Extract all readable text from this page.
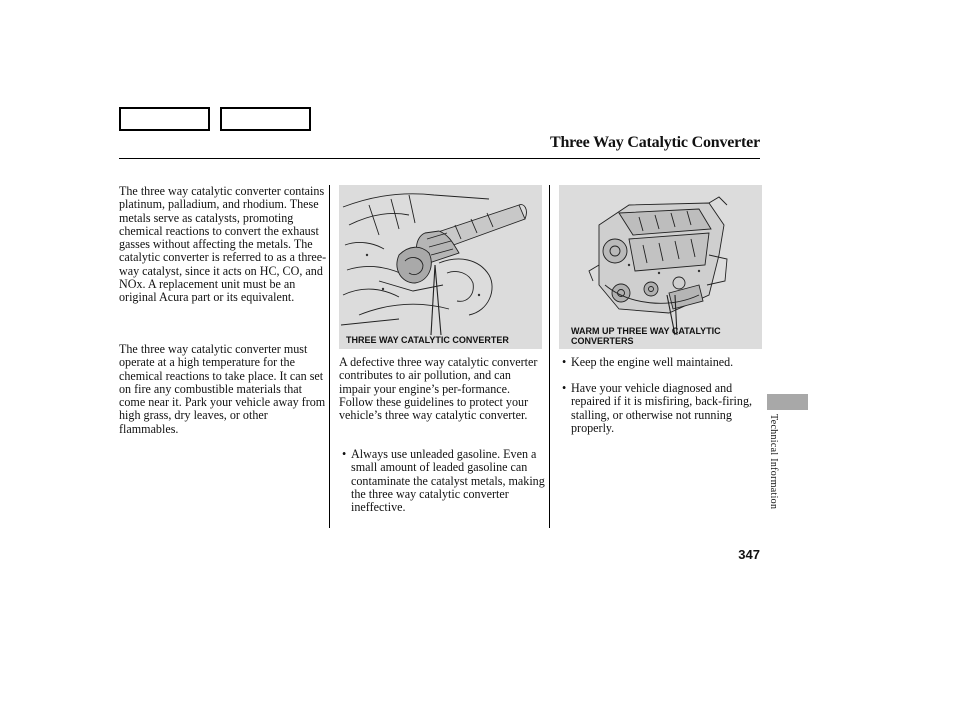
Three Way Catalytic Converter

The three way catalytic converter contains platinum, palladium, and rhodium. These metals serve as catalysts, promoting chemical reactions to convert the exhaust gasses without affecting the metals. The catalytic converter is referred to as a three-way catalyst, since it acts on HC, CO, and NOx. A replacement unit must be an original Acura part or its equivalent.

The three way catalytic converter must operate at a high temperature for the chemical reactions to take place. It can set on fire any combustible materials that come near it. Park your vehicle away from high grass, dry leaves, or other flammables.

THREE WAY CATALYTIC CONVERTER

A defective three way catalytic converter contributes to air pollution, and can impair your engine’s per-formance. Follow these guidelines to protect your vehicle’s three way catalytic converter.

• Always use unleaded gasoline. Even a small amount of leaded gasoline can contaminate the catalyst metals, making the three way catalytic converter ineffective.

WARM UP THREE WAY CATALYTIC
CONVERTERS

• Keep the engine well maintained.

• Have your vehicle diagnosed and repaired if it is misfiring, back-firing, stalling, or otherwise not running properly.	Technical Information
347
